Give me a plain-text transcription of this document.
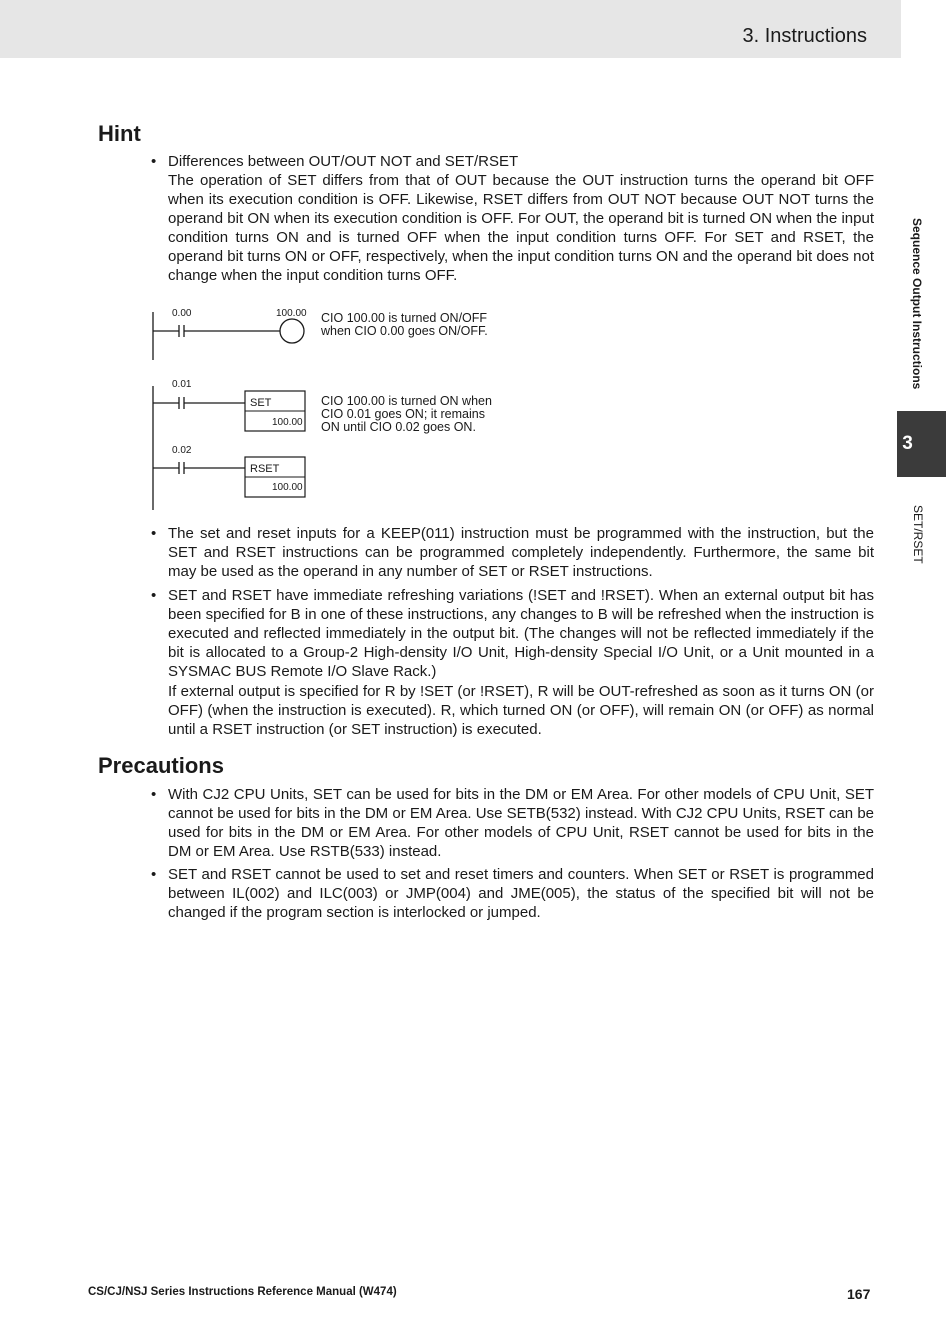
3. Instructions
Sequence Output Instructions
3
SET/RSET
Hint
• Differences between OUT/OUT NOT and SET/RSET

The operation of SET differs from that of OUT because the OUT instruction turns the operand bit OFF when its execution condition is OFF. Likewise, RSET differs from OUT NOT because OUT NOT turns the operand bit ON when its execution condition is OFF. For OUT, the operand bit is turned ON when the input condition turns ON and is turned OFF when the input condition turns OFF. For SET and RSET, the operand bit turns ON or OFF, respectively, when the input condition turns ON and the operand bit does not change when the input condition turns OFF.

0.00	100.00 CIO 100.00 is turned ON/OFF
when CIO 0.00 goes ON/OFF.
0.01
SET
100.00
CIO 100.00 is turned ON when
CIO 0.01 goes ON; it remains
ON until CIO 0.02 goes ON.
0.02
RSET
100.00
• The set and reset inputs for a KEEP(011) instruction must be programmed with the instruction, but the SET and RSET instructions can be programmed completely independently. Furthermore, the same bit may be used as the operand in any number of SET or RSET instructions.

• SET and RSET have immediate refreshing variations (!SET and !RSET). When an external output bit has been specified for B in one of these instructions, any changes to B will be refreshed when the instruction is executed and reflected immediately in the output bit. (The changes will not be reflected immediately if the bit is allocated to a Group-2 High-density I/O Unit, High-density Special I/O Unit, or a Unit mounted in a SYSMAC BUS Remote I/O Slave Rack.)

If external output is specified for R by !SET (or !RSET), R will be OUT-refreshed as soon as it turns ON (or OFF) (when the instruction is executed). R, which turned ON (or OFF), will remain ON (or OFF) as normal until a RSET instruction (or SET instruction) is executed.

Precautions
• With CJ2 CPU Units, SET can be used for bits in the DM or EM Area. For other models of CPU Unit, SET cannot be used for bits in the DM or EM Area. Use SETB(532) instead. With CJ2 CPU Units, RSET can be used for bits in the DM or EM Area. For other models of CPU Unit, RSET cannot be used for bits in the DM or EM Area. Use RSTB(533) instead.

• SET and RSET cannot be used to set and reset timers and counters. When SET or RSET is programmed between IL(002) and ILC(003) or JMP(004) and JME(005), the status of the specified bit will not be changed if the program section is interlocked or jumped.

CS/CJ/NSJ Series Instructions Reference Manual (W474)	167
